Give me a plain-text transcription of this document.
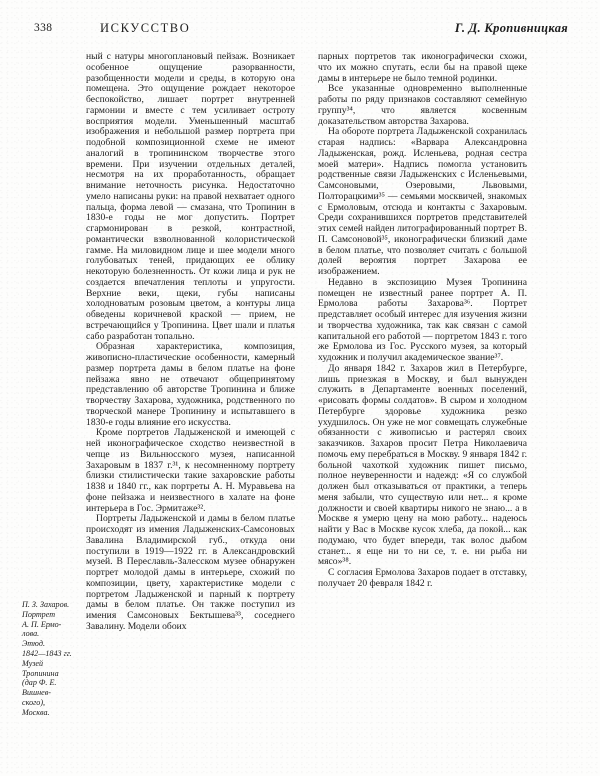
338	ИСКУССТВО	Г. Д. Кропивницкая

ный с натуры многоплановый пейзаж. Возникает особенное ощущение разорванности, разобщенности модели и среды, в которую она помещена. Это ощущение рождает некоторое беспокойство, лишает портрет внутренней гармонии и вместе с тем усиливает остроту восприятия модели. Уменьшенный масштаб изображения и небольшой размер портрета при подобной композиционной схеме не имеют аналогий в тропининском творчестве этого времени. При изучении отдельных деталей, несмотря на их проработанность, обращает внимание неточность рисунка. Недостаточно умело написаны руки: на правой нехватает одного пальца, форма левой — смазана, что Тропинин в 1830-е годы не мог допустить. Портрет сгармонирован в резкой, контрастной, романтически взволнованной колористической гамме. На миловидном лице и шее модели много голубоватых теней, придающих ее облику некоторую болезненность. От кожи лица и рук не создается впечатления теплоты и упругости. Верхние веки, щеки, губы написаны холодноватым розовым цветом, а контуры лица обведены коричневой краской — прием, не встречающийся у Тропинина. Цвет шали и платья сабо разработан топально.

Образная характеристика, композиция, живописно-пластические особенности, камерный размер портрета дамы в белом платье на фоне пейзажа явно не отвечают общепринятому представлению об авторстве Тропинина и ближе творчеству Захарова, художника, родственного по творческой манере Тропинину и испытавшего в 1830-е годы влияние его искусства.

Кроме портретов Ладыженской и имеющей с ней иконографическое сходство неизвестной в чепце из Вильнюсского музея, написанной Захаровым в 1837 г.³¹, к несомненному портрету близки стилистически такие захаровские работы 1838 и 1840 гг., как портреты А. Н. Муравьева на фоне пейзажа и неизвестного в халате на фоне интерьера в Гос. Эрмитаже³².

Портреты Ладыженской и дамы в белом платье происходят из имения Ладыженских-Самсоновых Завалина Владимирской губ., откуда они поступили в 1919—1922 гг. в Александровский музей. В Переславль-Залесском музее обнаружен портрет молодой дамы в интерьере, схожий по композиции, цвету, характеристике модели с портретом Ладыженской и парный к портрету дамы в белом платье. Он также поступил из имения Самсоновых Бектышева³³, соседнего Завалину. Модели обоих

парных портретов так иконографически схожи, что их можно спутать, если бы на правой щеке дамы в интерьере не было темной родинки.

Все указанные одновременно выполненные работы по ряду признаков составляют семейную группу³⁴, что является косвенным доказательством авторства Захарова.

На обороте портрета Ладыженской сохранилась старая надпись: «Варвара Александровна Ладыженская, рожд. Исленьева, родная сестра моей матери». Надпись помогла установить родственные связи Ладыженских с Исленьевыми, Самсоновыми, Озеровыми, Львовыми, Полторацкими³⁵ — семьями москвичей, знакомых с Ермоловым, отсюда и контакты с Захаровым. Среди сохранившихся портретов представителей этих семей найден литографированный портрет В. П. Самсоновой³⁵, иконографически близкий даме в белом платье, что позволяет считать с большой долей вероятия портрет Захарова ее изображением.

Недавно в экспозицию Музея Тропинина помещен не известный ранее портрет А. П. Ермолова работы Захарова³⁶. Портрет представляет особый интерес для изучения жизни и творчества художника, так как связан с самой капитальной его работой — портретом 1843 г. того же Ермолова из Гос. Русского музея, за который художник и получил академическое звание³⁷.

До января 1842 г. Захаров жил в Петербурге, лишь приезжая в Москву, и был вынужден служить в Департаменте военных поселений, «рисовать формы солдатов». В сыром и холодном Петербурге здоровье художника резко ухудшилось. Он уже не мог совмещать служебные обязанности с живописью и растерял своих заказчиков. Захаров просит Петра Николаевича помочь ему перебраться в Москву. 9 января 1842 г. больной чахоткой художник пишет письмо, полное неуверенности и надежд: «Я со службой должен был отказываться от практики, а теперь меня забыли, что существую или нет... я кроме должности и своей квартиры никого не знаю... а в Москве я умерю цену на мою работу... надеюсь найти у Вас в Москве кусок хлеба, да покой... как подумаю, что будет впереди, так волос дыбом станет... я еще ни то ни се, т. е. ни рыба ни мясо»³⁸.

С согласия Ермолова Захаров подает в отставку, получает 20 февраля 1842 г.

П. З. Захаров.

Портрет

А. П. Ермо-

лова.

Этюд.

1842—1843 гг.

Музей

Тропинина

(дар Ф. Е.

Вишнев-

ского),

Москва.
